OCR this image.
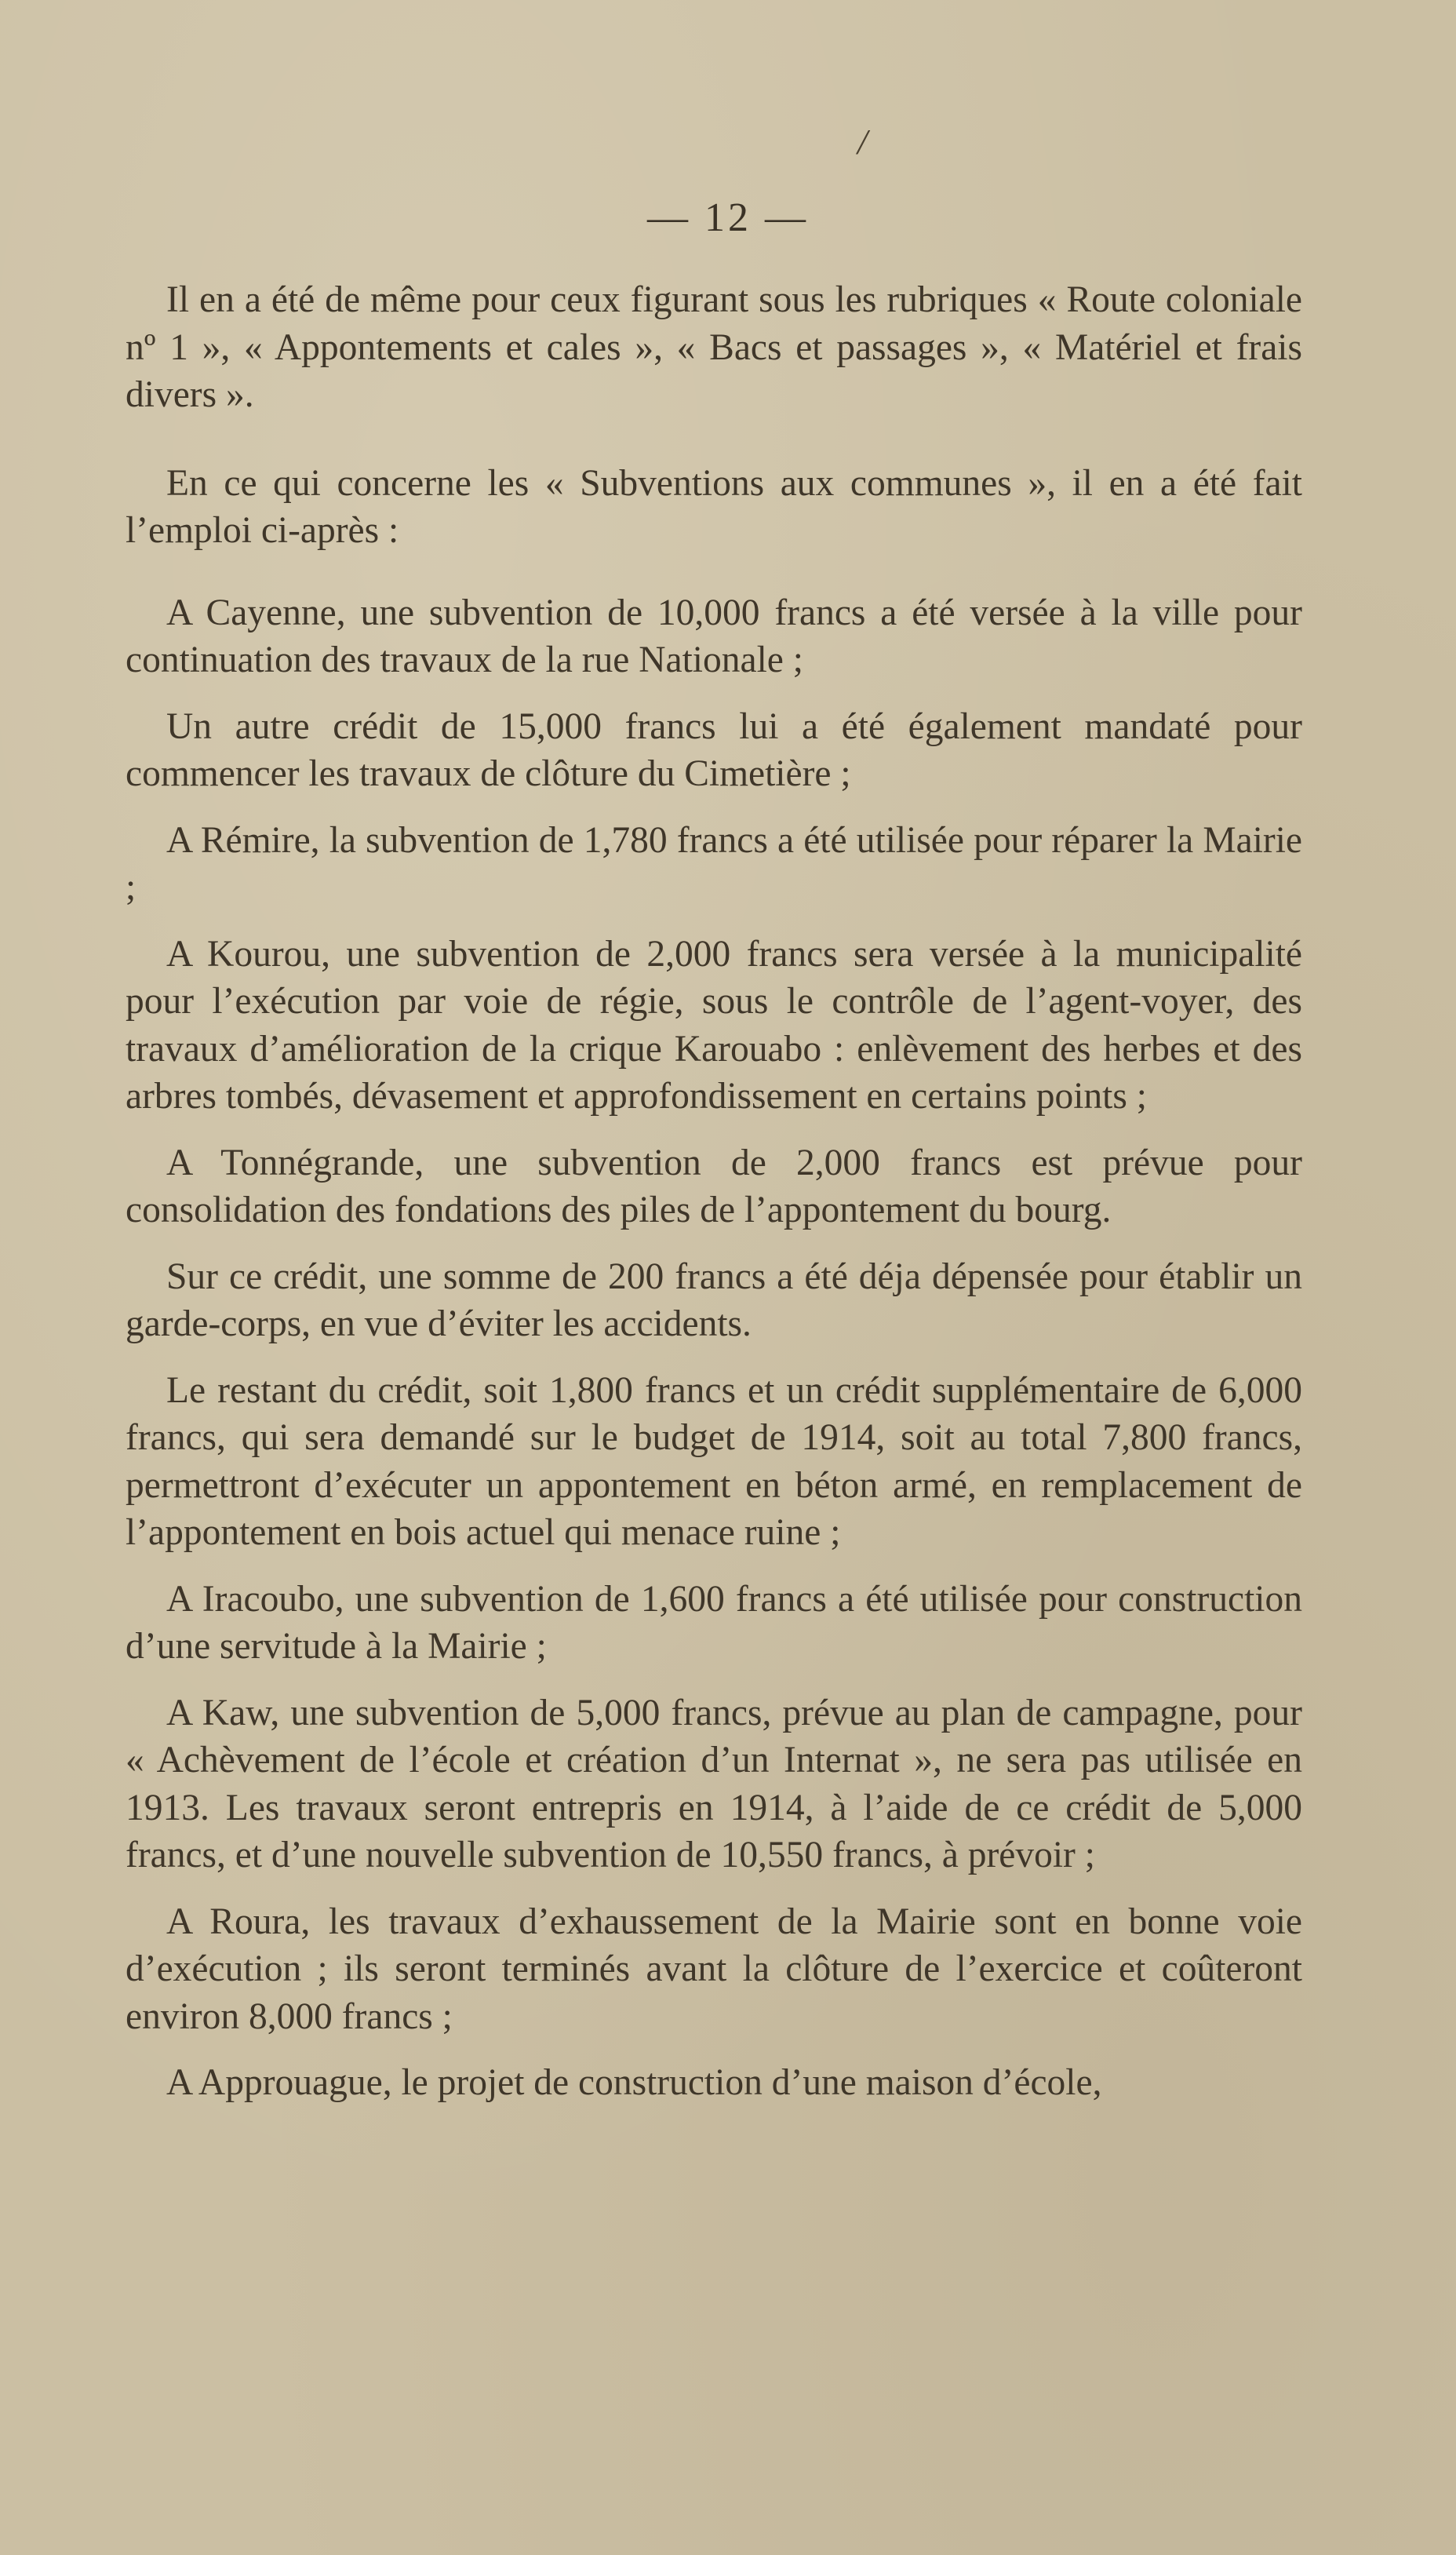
/
— 12 —

Il en a été de même pour ceux figurant sous les rubriques « Route coloniale nº 1 », « Appontements et cales », « Bacs et passages », « Matériel et frais divers ».

En ce qui concerne les « Subventions aux communes », il en a été fait l’emploi ci-après :

A Cayenne, une subvention de 10,000 francs a été versée à la ville pour continuation des travaux de la rue Nationale ;

Un autre crédit de 15,000 francs lui a été également mandaté pour commencer les travaux de clôture du Cimetière ;

A Rémire, la subvention de 1,780 francs a été utilisée pour réparer la Mairie ;

A Kourou, une subvention de 2,000 francs sera versée à la municipalité pour l’exécution par voie de régie, sous le contrôle de l’agent-voyer, des travaux d’amélioration de la crique Karouabo : enlèvement des herbes et des arbres tombés, dévasement et approfondissement en certains points ;

A Tonnégrande, une subvention de 2,000 francs est prévue pour consolidation des fondations des piles de l’appontement du bourg.

Sur ce crédit, une somme de 200 francs a été déja dépensée pour établir un garde-corps, en vue d’éviter les accidents.

Le restant du crédit, soit 1,800 francs et un crédit supplémentaire de 6,000 francs, qui sera demandé sur le budget de 1914, soit au total 7,800 francs, permettront d’exécuter un appontement en béton armé, en remplacement de l’appontement en bois actuel qui menace ruine ;

A Iracoubo, une subvention de 1,600 francs a été utilisée pour construction d’une servitude à la Mairie ;

A Kaw, une subvention de 5,000 francs, prévue au plan de campagne, pour « Achèvement de l’école et création d’un Internat », ne sera pas utilisée en 1913. Les travaux seront entrepris en 1914, à l’aide de ce crédit de 5,000 francs, et d’une nouvelle subvention de 10,550 francs, à prévoir ;

A Roura, les travaux d’exhaussement de la Mairie sont en bonne voie d’exécution ; ils seront terminés avant la clôture de l’exercice et coûteront environ 8,000 francs ;

A Approuague, le projet de construction d’une maison d’école,
